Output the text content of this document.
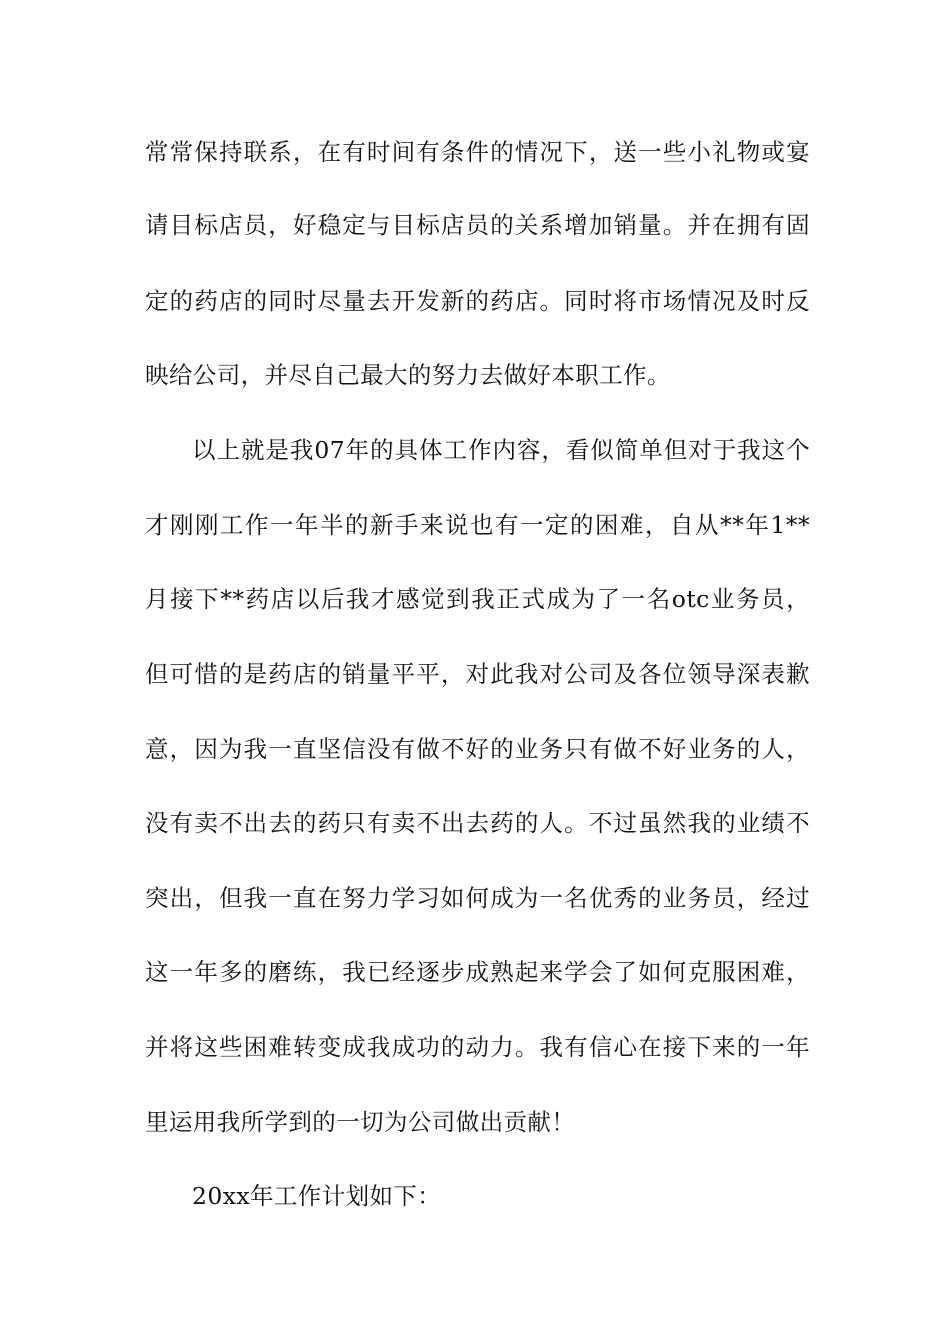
常常保持联系，在有时间有条件的情况下，送一些小礼物或宴
请目标店员，好稳定与目标店员的关系增加销量。并在拥有固
定的药店的同时尽量去开发新的药店。同时将市场情况及时反
映给公司，并尽自己最大的努力去做好本职工作。
以上就是我07年的具体工作内容，看似简单但对于我这个
才刚刚工作一年半的新手来说也有一定的困难，自从**年1**
月接下**药店以后我才感觉到我正式成为了一名otc业务员，
但可惜的是药店的销量平平，对此我对公司及各位领导深表歉
意，因为我一直坚信没有做不好的业务只有做不好业务的人，
没有卖不出去的药只有卖不出去药的人。不过虽然我的业绩不
突出，但我一直在努力学习如何成为一名优秀的业务员，经过
这一年多的磨练，我已经逐步成熟起来学会了如何克服困难，
并将这些困难转变成我成功的动力。我有信心在接下来的一年
里运用我所学到的一切为公司做出贡献！
20xx年工作计划如下：
